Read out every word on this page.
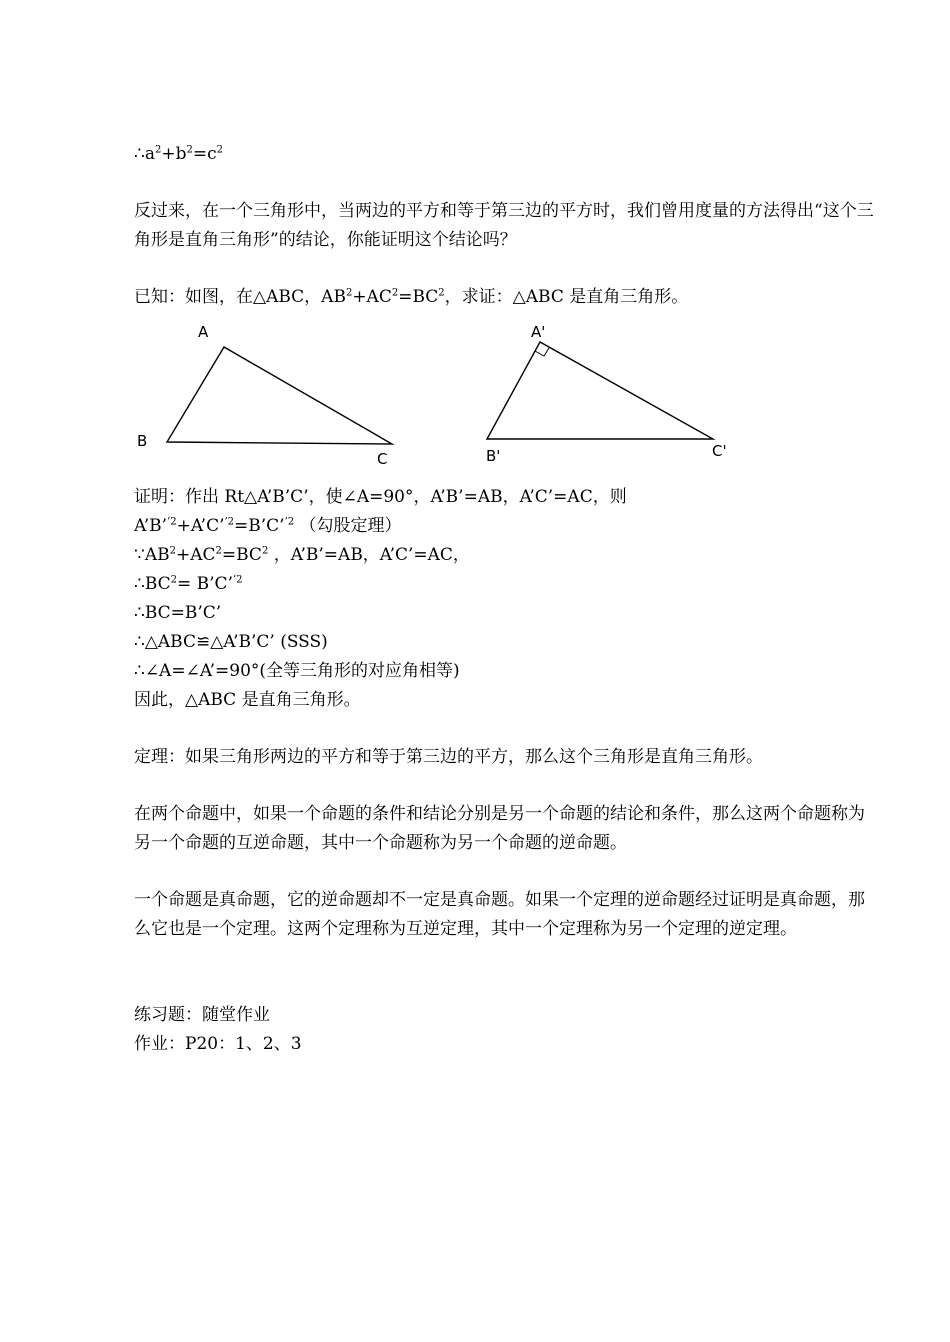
$\therefore a^2+b^2=c^2$
反过来，在一个三角形中，当两边的平方和等于第三边的平方时，我们曾用度量的方法得出“这个三角形是直角三角形”的结论，你能证明这个结论吗？
已知：如图，在△ABC，$AB^2+AC^2=BC^2$，求证：△ABC 是直角三角形。
证明：作出 Rt△A’B’C’，使∠A=90°，A’B’=AB，A’C’=AC，则
A’B’$^{’2}$+A’C’$^{’2}$=B’C’$^{’2}$ （勾股定理）
$\because AB^2+AC^2=BC^2$ ，A’B’=AB，A’C’=AC，
$\therefore BC^2=$ B’C’$^{’2}$
∴BC=B’C’
∴△ABC≌△A’B’C’ (SSS)
∴∠A=∠A’=90°(全等三角形的对应角相等)
因此，△ABC 是直角三角形。
定理：如果三角形两边的平方和等于第三边的平方，那么这个三角形是直角三角形。
在两个命题中，如果一个命题的条件和结论分别是另一个命题的结论和条件，那么这两个命题称为另一个命题的互逆命题，其中一个命题称为另一个命题的逆命题。
一个命题是真命题，它的逆命题却不一定是真命题。如果一个定理的逆命题经过证明是真命题，那么它也是一个定理。这两个定理称为互逆定理，其中一个定理称为另一个定理的逆定理。
练习题：随堂作业
作业：P20：1、2、3
A
B
C
A'
B'	C'
